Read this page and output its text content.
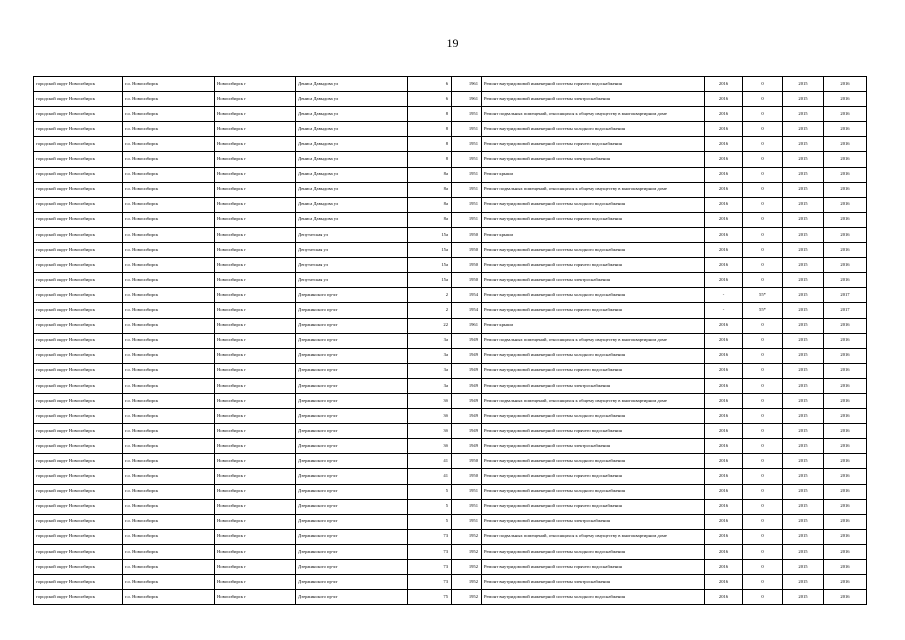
19
городской округ Новосибирск	г.о. Новосибирск	Новосибирск г	Дениса Давыдова ул	6	1961	Ремонт внутридомовой инженерной системы горячего водоснабжения	2016	0	2015	2016
городской округ Новосибирск	г.о. Новосибирск	Новосибирск г	Дениса Давыдова ул	6	1961	Ремонт внутридомовой инженерной системы электроснабжения	2016	0	2015	2016
городской округ Новосибирск	г.о. Новосибирск	Новосибирск г	Дениса Давыдова ул	8	1951	Ремонт подвальных помещений, относящихся к общему имуществу в многоквартирном доме	2016	0	2015	2016
городской округ Новосибирск	г.о. Новосибирск	Новосибирск г	Дениса Давыдова ул	8	1951	Ремонт внутридомовой инженерной системы холодного водоснабжения	2016	0	2015	2016
городской округ Новосибирск	г.о. Новосибирск	Новосибирск г	Дениса Давыдова ул	8	1951	Ремонт внутридомовой инженерной системы горячего водоснабжения	2016	0	2015	2016
городской округ Новосибирск	г.о. Новосибирск	Новосибирск г	Дениса Давыдова ул	8	1951	Ремонт внутридомовой инженерной системы электроснабжения	2016	0	2015	2016
городской округ Новосибирск	г.о. Новосибирск	Новосибирск г	Дениса Давыдова ул	8а	1951	Ремонт крыши	2016	0	2015	2016
городской округ Новосибирск	г.о. Новосибирск	Новосибирск г	Дениса Давыдова ул	8а	1951	Ремонт подвальных помещений, относящихся к общему имуществу в многоквартирном доме	2016	0	2015	2016
городской округ Новосибирск	г.о. Новосибирск	Новосибирск г	Дениса Давыдова ул	8а	1951	Ремонт внутридомовой инженерной системы холодного водоснабжения	2016	0	2015	2016
городской округ Новосибирск	г.о. Новосибирск	Новосибирск г	Дениса Давыдова ул	8а	1951	Ремонт внутридомовой инженерной системы горячего водоснабжения	2016	0	2015	2016
городской округ Новосибирск	г.о. Новосибирск	Новосибирск г	Депутатская ул	15а	1950	Ремонт крыши	2016	0	2015	2016
городской округ Новосибирск	г.о. Новосибирск	Новосибирск г	Депутатская ул	15а	1950	Ремонт внутридомовой инженерной системы холодного водоснабжения	2016	0	2015	2016
городской округ Новосибирск	г.о. Новосибирск	Новосибирск г	Депутатская ул	15а	1950	Ремонт внутридомовой инженерной системы горячего водоснабжения	2016	0	2015	2016
городской округ Новосибирск	г.о. Новосибирск	Новосибирск г	Депутатская ул	15а	1950	Ремонт внутридомовой инженерной системы электроснабжения	2016	0	2015	2016
городской округ Новосибирск	г.о. Новосибирск	Новосибирск г	Дзержинского пр-кт	2	1954	Ремонт внутридомовой инженерной системы холодного водоснабжения	-	55*	2015	2017
городской округ Новосибирск	г.о. Новосибирск	Новосибирск г	Дзержинского пр-кт	2	1954	Ремонт внутридомовой инженерной системы горячего водоснабжения	-	55*	2015	2017
городской округ Новосибирск	г.о. Новосибирск	Новосибирск г	Дзержинского пр-кт	22	1961	Ремонт крыши	2016	0	2015	2016
городской округ Новосибирск	г.о. Новосибирск	Новосибирск г	Дзержинского пр-кт	3а	1949	Ремонт подвальных помещений, относящихся к общему имуществу в многоквартирном доме	2016	0	2015	2016
городской округ Новосибирск	г.о. Новосибирск	Новосибирск г	Дзержинского пр-кт	3а	1949	Ремонт внутридомовой инженерной системы холодного водоснабжения	2016	0	2015	2016
городской округ Новосибирск	г.о. Новосибирск	Новосибирск г	Дзержинского пр-кт	3а	1949	Ремонт внутридомовой инженерной системы горячего водоснабжения	2016	0	2015	2016
городской округ Новосибирск	г.о. Новосибирск	Новосибирск г	Дзержинского пр-кт	3а	1949	Ремонт внутридомовой инженерной системы электроснабжения	2016	0	2015	2016
городской округ Новосибирск	г.о. Новосибирск	Новосибирск г	Дзержинского пр-кт	3б	1949	Ремонт подвальных помещений, относящихся к общему имуществу в многоквартирном доме	2016	0	2015	2016
городской округ Новосибирск	г.о. Новосибирск	Новосибирск г	Дзержинского пр-кт	3б	1949	Ремонт внутридомовой инженерной системы холодного водоснабжения	2016	0	2015	2016
городской округ Новосибирск	г.о. Новосибирск	Новосибирск г	Дзержинского пр-кт	3б	1949	Ремонт внутридомовой инженерной системы горячего водоснабжения	2016	0	2015	2016
городской округ Новосибирск	г.о. Новосибирск	Новосибирск г	Дзержинского пр-кт	3б	1949	Ремонт внутридомовой инженерной системы электроснабжения	2016	0	2015	2016
городской округ Новосибирск	г.о. Новосибирск	Новосибирск г	Дзержинского пр-кт	41	1950	Ремонт внутридомовой инженерной системы холодного водоснабжения	2016	0	2015	2016
городской округ Новосибирск	г.о. Новосибирск	Новосибирск г	Дзержинского пр-кт	41	1950	Ремонт внутридомовой инженерной системы горячего водоснабжения	2016	0	2015	2016
городской округ Новосибирск	г.о. Новосибирск	Новосибирск г	Дзержинского пр-кт	5	1951	Ремонт внутридомовой инженерной системы холодного водоснабжения	2016	0	2015	2016
городской округ Новосибирск	г.о. Новосибирск	Новосибирск г	Дзержинского пр-кт	5	1951	Ремонт внутридомовой инженерной системы горячего водоснабжения	2016	0	2015	2016
городской округ Новосибирск	г.о. Новосибирск	Новосибирск г	Дзержинского пр-кт	5	1951	Ремонт внутридомовой инженерной системы электроснабжения	2016	0	2015	2016
городской округ Новосибирск	г.о. Новосибирск	Новосибирск г	Дзержинского пр-кт	73	1952	Ремонт подвальных помещений, относящихся к общему имуществу в многоквартирном доме	2016	0	2015	2016
городской округ Новосибирск	г.о. Новосибирск	Новосибирск г	Дзержинского пр-кт	73	1952	Ремонт внутридомовой инженерной системы холодного водоснабжения	2016	0	2015	2016
городской округ Новосибирск	г.о. Новосибирск	Новосибирск г	Дзержинского пр-кт	73	1952	Ремонт внутридомовой инженерной системы горячего водоснабжения	2016	0	2015	2016
городской округ Новосибирск	г.о. Новосибирск	Новосибирск г	Дзержинского пр-кт	73	1952	Ремонт внутридомовой инженерной системы электроснабжения	2016	0	2015	2016
городской округ Новосибирск	г.о. Новосибирск	Новосибирск г	Дзержинского пр-кт	75	1952	Ремонт внутридомовой инженерной системы холодного водоснабжения	2016	0	2015	2016
